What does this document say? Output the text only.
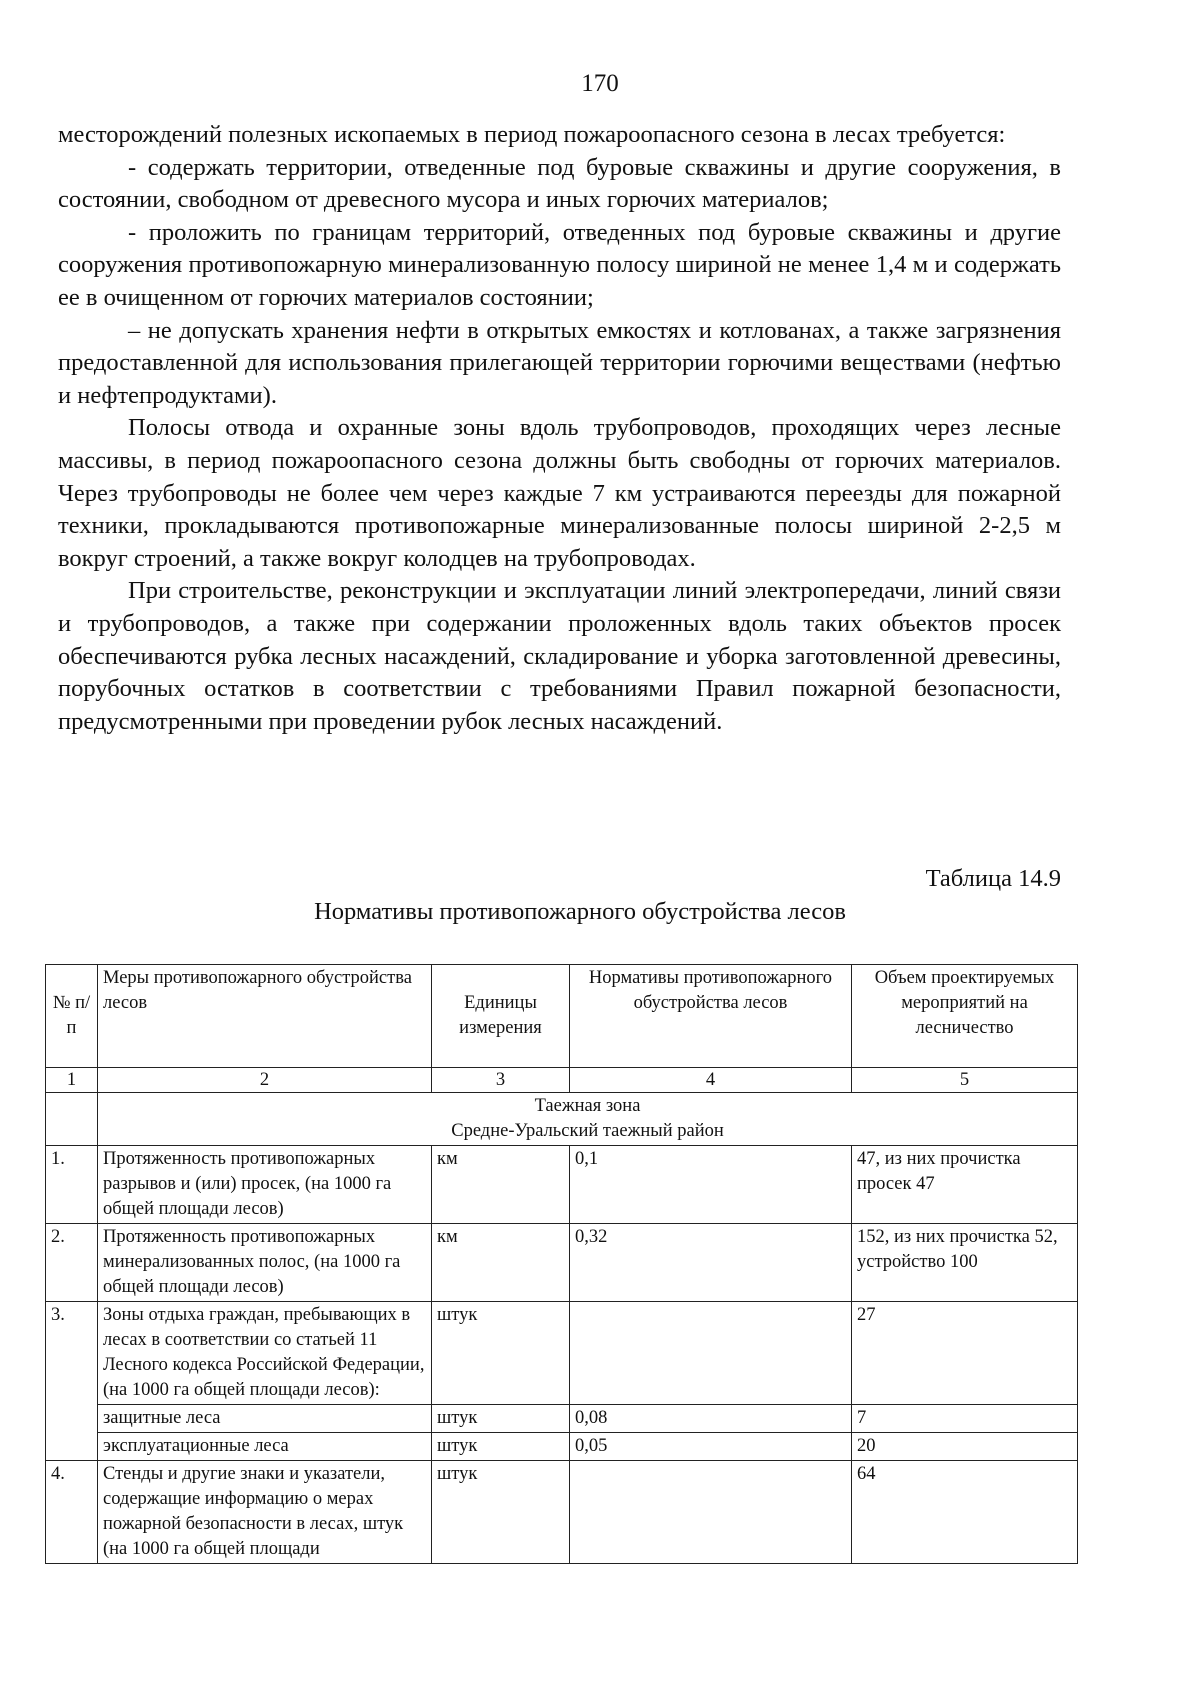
170

месторождений полезных ископаемых в период пожароопасного сезона в лесах требуется:

- содержать территории, отведенные под буровые скважины и другие сооружения, в состоянии, свободном от древесного мусора и иных горючих материалов;

- проложить по границам территорий, отведенных под буровые скважины и другие сооружения противопожарную минерализованную полосу шириной не менее 1,4 м и содержать ее в очищенном от горючих материалов состоянии;

– не допускать хранения нефти в открытых емкостях и котлованах, а также загрязнения предоставленной для использования прилегающей территории горючими веществами (нефтью и нефтепродуктами).

Полосы отвода и охранные зоны вдоль трубопроводов, проходящих через лесные массивы, в период пожароопасного сезона должны быть свободны от горючих материалов. Через трубопроводы не более чем через каждые 7 км устраиваются переезды для пожарной техники, прокладываются противопожарные минерализованные полосы шириной 2-2,5 м вокруг строений, а также вокруг колодцев на трубопроводах.

При строительстве, реконструкции и эксплуатации линий электропередачи, линий связи и трубопроводов, а также при содержании проложенных вдоль таких объектов просек обеспечиваются рубка лесных насаждений, складирование и уборка заготовленной древесины, порубочных остатков в соответствии с требованиями Правил пожарной безопасности, предусмотренными при проведении рубок лесных насаждений.

Таблица 14.9
Нормативы противопожарного обустройства лесов
№ п/п	Меры противопожарного обустройства лесов	Единицы измерения	Нормативы противопожарного обустройства лесов	Объем проектируемых мероприятий на лесничество
1	2	3	4	5

	Таежная зона
Средне-Уральский таежный район			

1.	Протяженность противопожарных разрывов и (или) просек, (на 1000 га общей площади лесов)	км	0,1	47, из них прочистка просек 47
2.	Протяженность противопожарных минерализованных полос, (на 1000 га общей площади лесов)	км	0,32	152, из них прочистка 52, устройство 100
3.	Зоны отдыха граждан, пребывающих в лесах в соответствии со статьей 11 Лесного кодекса Российской Федерации, (на 1000 га общей площади лесов):	штук		27
	защитные леса	штук	0,08	7
	эксплуатационные леса	штук	0,05	20
4.	Стенды и другие знаки и указатели, содержащие информацию о мерах пожарной безопасности в лесах, штук (на 1000 га общей площади	штук		64
